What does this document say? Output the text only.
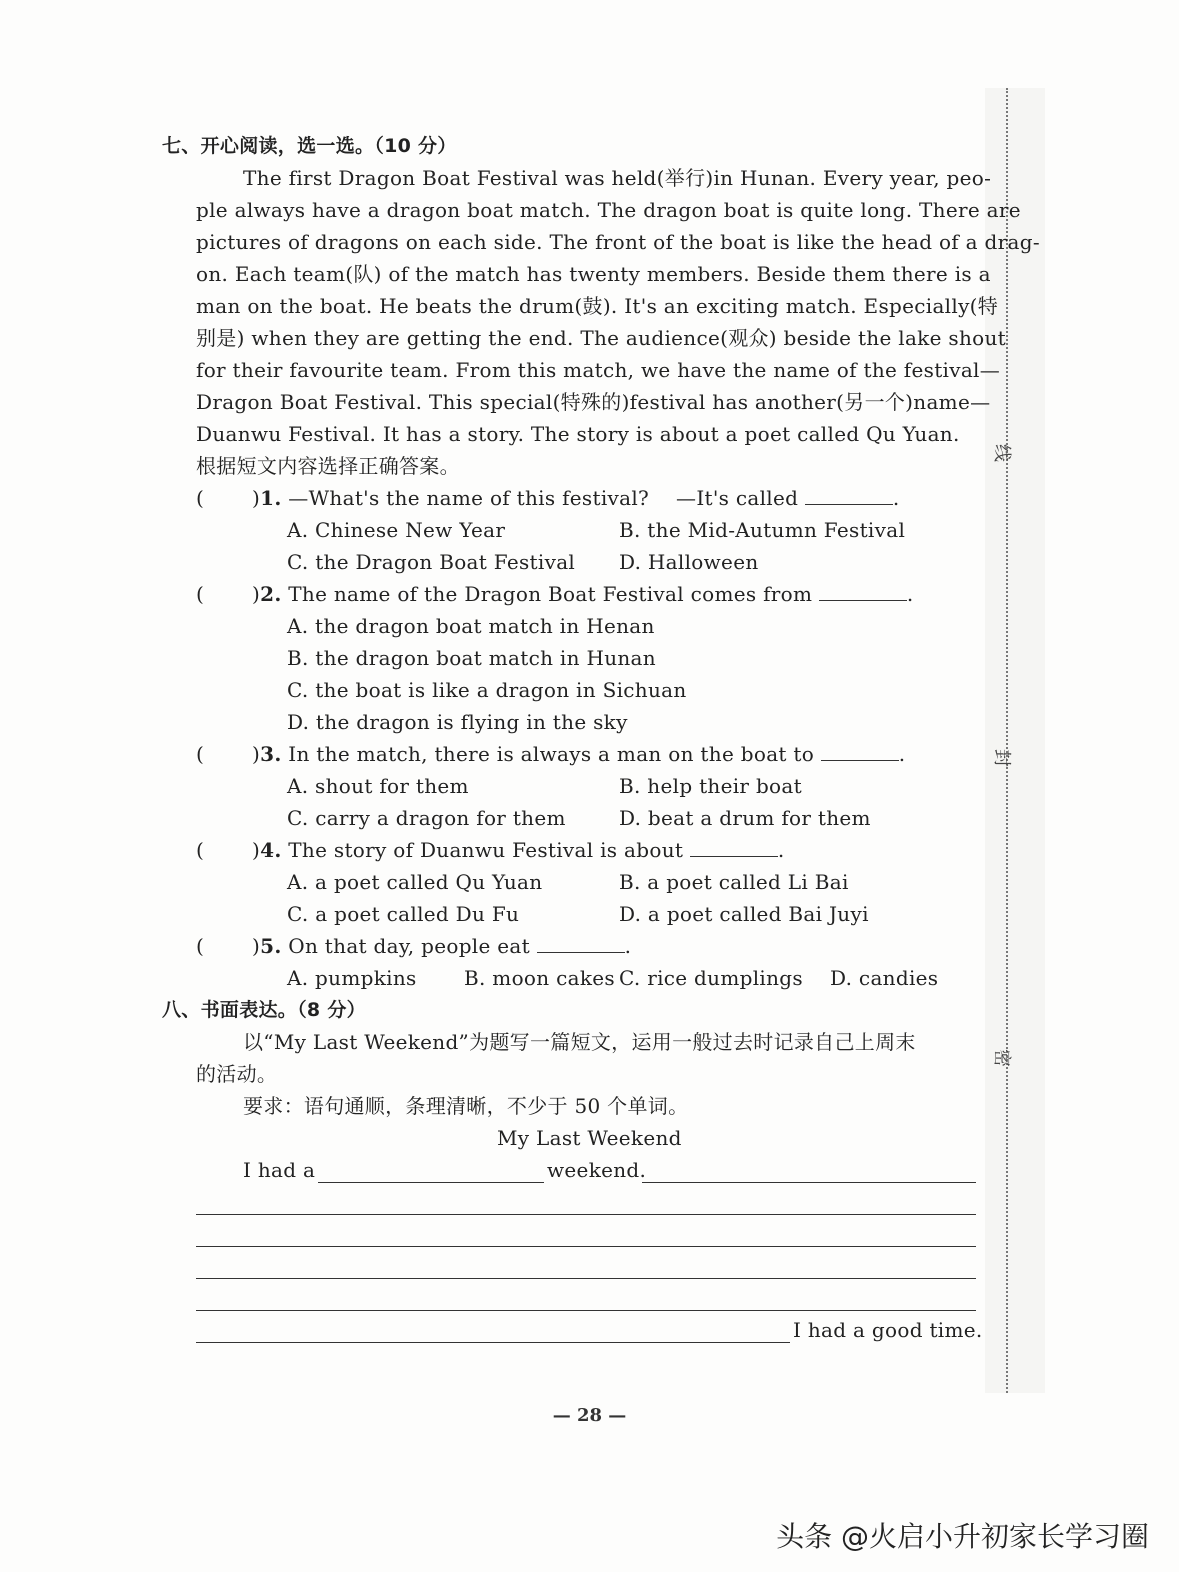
线
封
密
七、开心阅读，选一选。（10 分）
The first Dragon Boat Festival was held(举行)in Hunan. Every year, peo-
ple always have a dragon boat match. The dragon boat is quite long. There are
pictures of dragons on each side. The front of the boat is like the head of a drag-
on. Each team(队) of the match has twenty members. Beside them there is a
man on the boat. He beats the drum(鼓). It's an exciting match. Especially(特
别是) when they are getting the end. The audience(观众) beside the lake shout
for their favourite team. From this match, we have the name of the festival—
Dragon Boat Festival. This special(特殊的)festival has another(另一个)name—
Duanwu Festival. It has a story. The story is about a poet called Qu Yuan.
根据短文内容选择正确答案。
( )1. —What's the name of this festival?　 —It's called	.
A. Chinese New Year	B. the Mid-Autumn Festival
C. the Dragon Boat Festival D. Halloween
( )2. The name of the Dragon Boat Festival comes from	.
A. the dragon boat match in Henan
B. the dragon boat match in Hunan
C. the boat is like a dragon in Sichuan
D. the dragon is flying in the sky
( )3. In the match, there is always a man on the boat to	.
A. shout for them	B. help their boat
C. carry a dragon for them	D. beat a drum for them
( )4. The story of Duanwu Festival is about	.
A. a poet called Qu Yuan	B. a poet called Li Bai
C. a poet called Du Fu	D. a poet called Bai Juyi
( )5. On that day, people eat	.
A. pumpkins B. moon cakes C. rice dumplings D. candies
八、书面表达。（8 分）
以“My Last Weekend”为题写一篇短文，运用一般过去时记录自己上周末
的活动。
要求：语句通顺，条理清晰，不少于 50 个单词。
My Last Weekend
I had a	weekend.
I had a good time.
— 28 —
头条 @火启小升初家长学习圈
